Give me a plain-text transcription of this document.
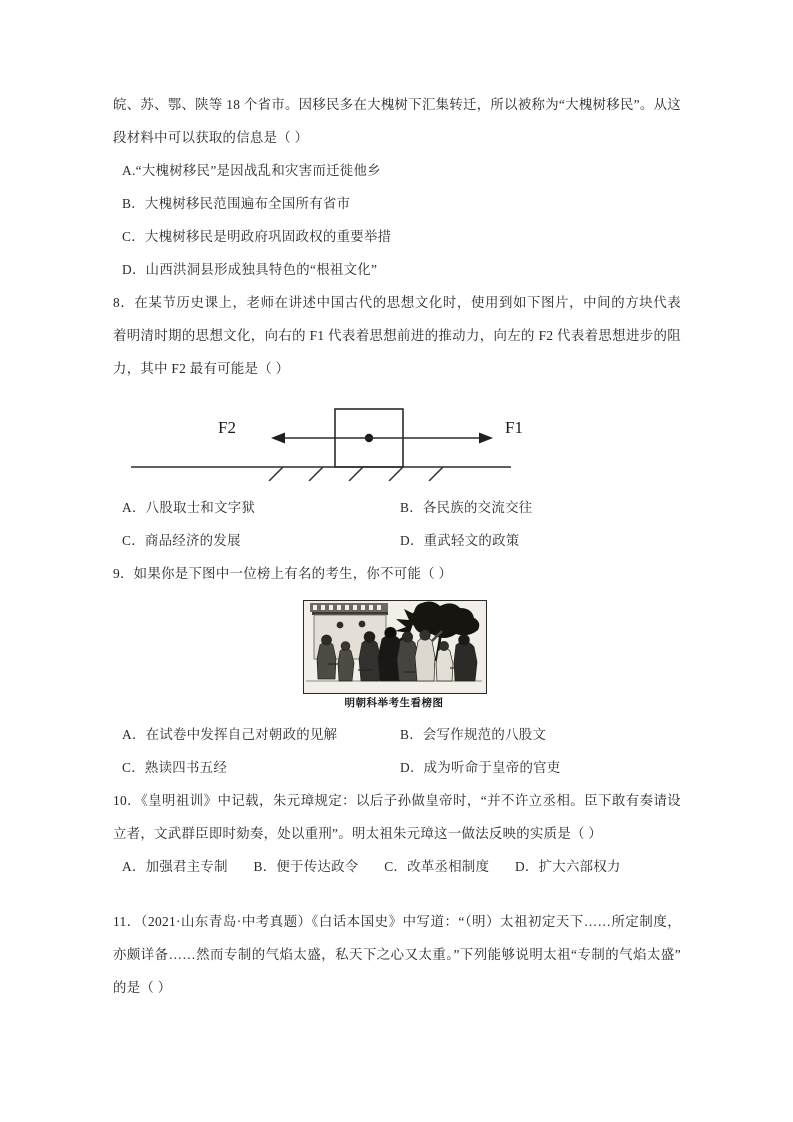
皖、苏、鄂、陕等 18 个省市。因移民多在大槐树下汇集转迁，所以被称为“大槐树移民”。从这段材料中可以获取的信息是（ ）

A.“大槐树移民”是因战乱和灾害而迁徙他乡

B．大槐树移民范围遍布全国所有省市

C．大槐树移民是明政府巩固政权的重要举措

D．山西洪洞县形成独具特色的“根祖文化”

8．在某节历史课上，老师在讲述中国古代的思想文化时，使用到如下图片，中间的方块代表着明清时期的思想文化，向右的 F1 代表着思想前进的推动力，向左的 F2 代表着思想进步的阻力，其中 F2 最有可能是（ ）

F2	F1
A．八股取士和文字狱	B．各民族的交流交往
C．商品经济的发展	D．重武轻文的政策

9．如果你是下图中一位榜上有名的考生，你不可能（ ）

明朝科举考生看榜图
A．在试卷中发挥自己对朝政的见解	B．会写作规范的八股文
C．熟读四书五经	D．成为听命于皇帝的官吏

10．《皇明祖训》中记载，朱元璋规定：以后子孙做皇帝时，“并不许立丞相。臣下敢有奏请设立者，文武群臣即时劾奏，处以重刑”。明太祖朱元璋这一做法反映的实质是（ ）

A．加强君主专制 B．便于传达政令 C．改革丞相制度 D．扩大六部权力

11．（2021·山东青岛·中考真题）《白话本国史》中写道：“（明）太祖初定天下……所定制度，亦颇详备……然而专制的气焰太盛，私天下之心又太重。”下列能够说明太祖“专制的气焰太盛”的是（ ）
